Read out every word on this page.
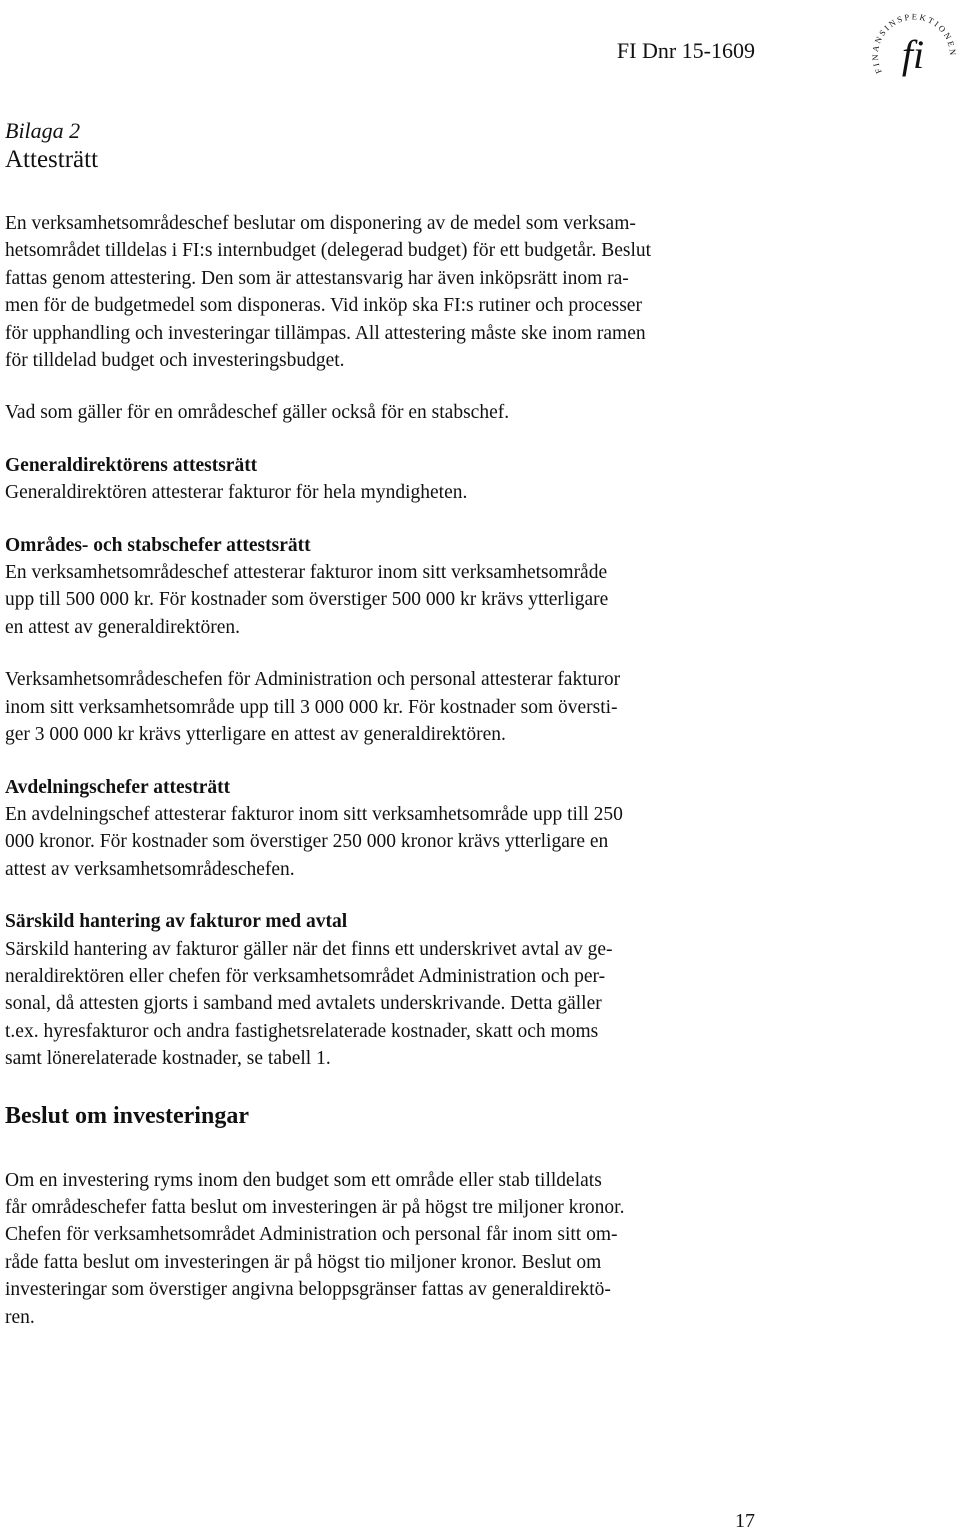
FI Dnr 15-1609
FINANSINSPEKTIONEN
fi
Bilaga 2
Attesträtt

En verksamhetsområdeschef beslutar om disponering av de medel som verksam-

hetsområdet tilldelas i FI:s internbudget (delegerad budget) för ett budgetår. Beslut

fattas genom attestering. Den som är attestansvarig har även inköpsrätt inom ra-

men för de budgetmedel som disponeras. Vid inköp ska FI:s rutiner och processer

för upphandling och investeringar tillämpas. All attestering måste ske inom ramen

för tilldelad budget och investeringsbudget.

Vad som gäller för en områdeschef gäller också för en stabschef.

Generaldirektörens attestsrätt

Generaldirektören attesterar fakturor för hela myndigheten.

Områdes- och stabschefer attestsrätt

En verksamhetsområdeschef attesterar fakturor inom sitt verksamhetsområde

upp till 500 000 kr. För kostnader som överstiger 500 000 kr krävs ytterligare

en attest av generaldirektören.

Verksamhetsområdeschefen för Administration och personal attesterar fakturor

inom sitt verksamhetsområde upp till 3 000 000 kr. För kostnader som översti-

ger 3 000 000 kr krävs ytterligare en attest av generaldirektören.

Avdelningschefer attesträtt

En avdelningschef attesterar fakturor inom sitt verksamhetsområde upp till 250

000 kronor. För kostnader som överstiger 250 000 kronor krävs ytterligare en

attest av verksamhetsområdeschefen.

Särskild hantering av fakturor med avtal

Särskild hantering av fakturor gäller när det finns ett underskrivet avtal av ge-

neraldirektören eller chefen för verksamhetsområdet Administration och per-

sonal, då attesten gjorts i samband med avtalets underskrivande. Detta gäller

t.ex. hyresfakturor och andra fastighetsrelaterade kostnader, skatt och moms

samt lönerelaterade kostnader, se tabell 1.

Beslut om investeringar

Om en investering ryms inom den budget som ett område eller stab tilldelats

får områdeschefer fatta beslut om investeringen är på högst tre miljoner kronor.

Chefen för verksamhetsområdet Administration och personal får inom sitt om-

råde fatta beslut om investeringen är på högst tio miljoner kronor. Beslut om

investeringar som överstiger angivna beloppsgränser fattas av generaldirektö-

ren.

17
